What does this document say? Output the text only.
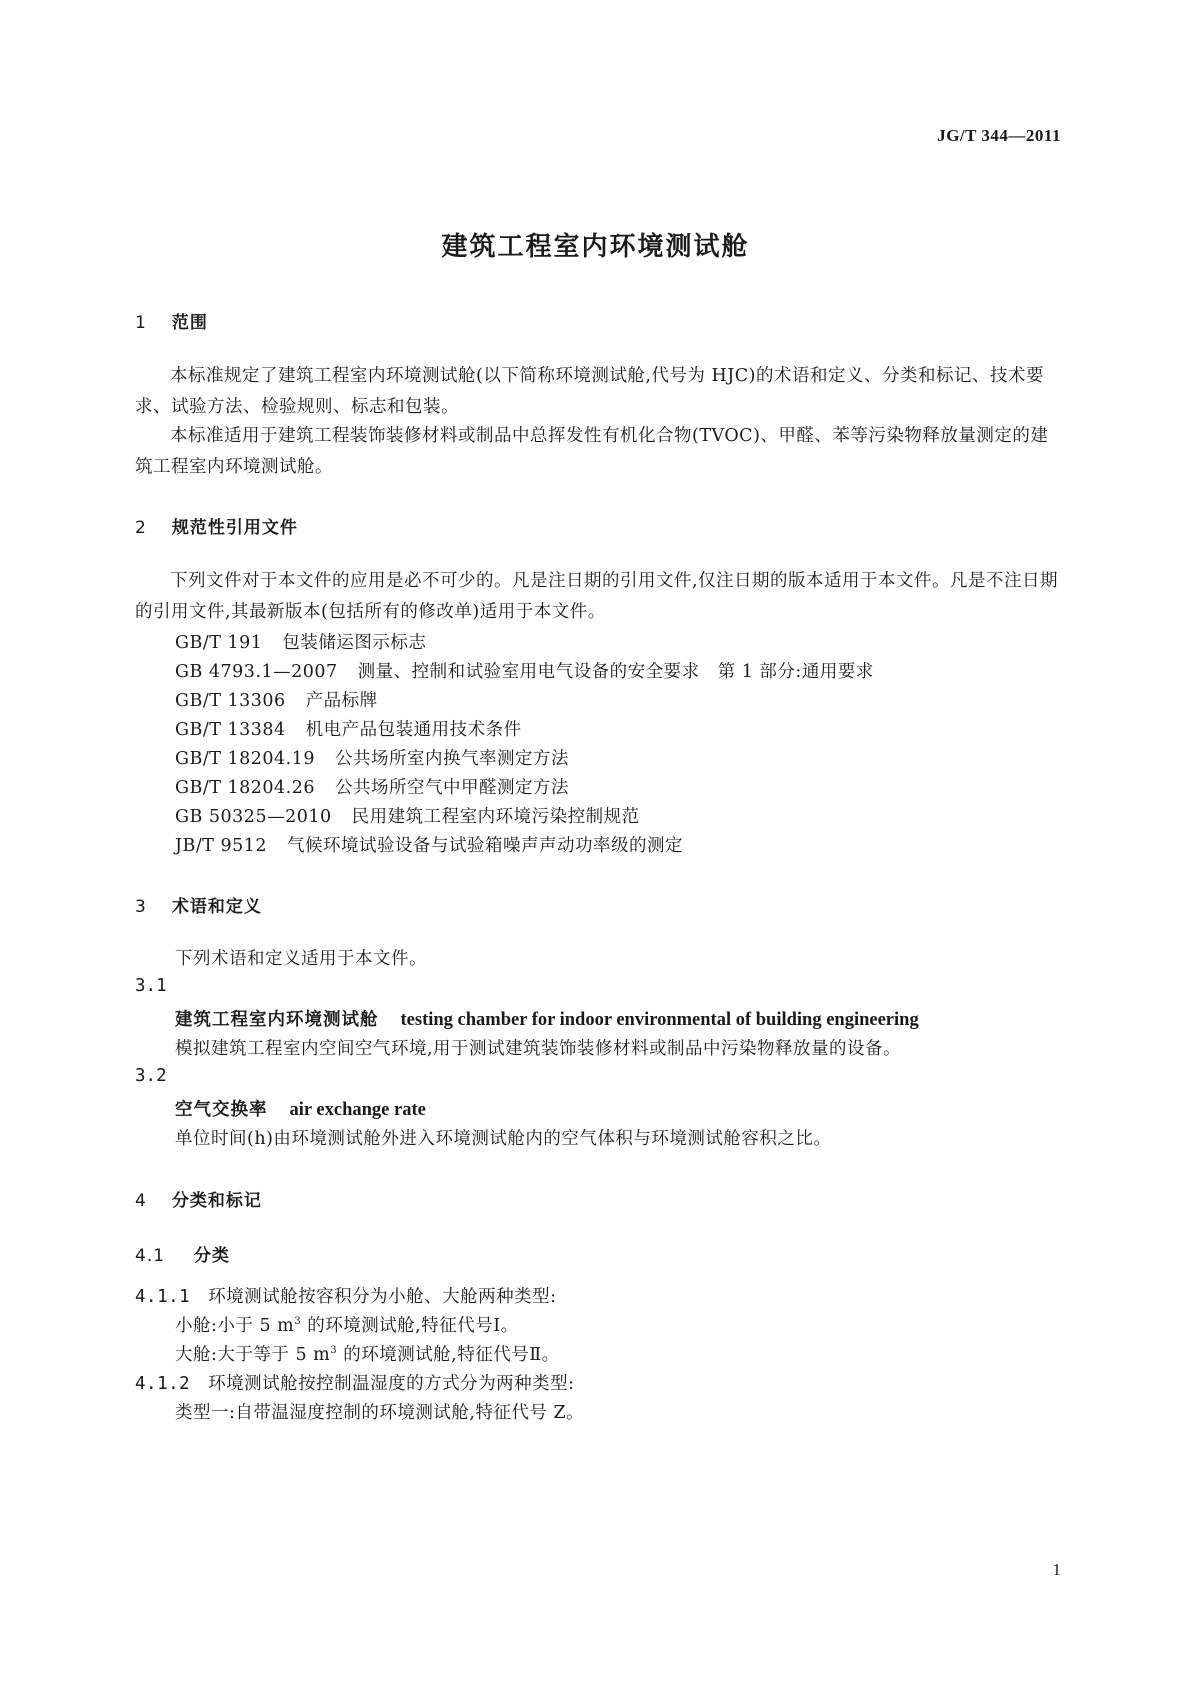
JG/T 344—2011
建筑工程室内环境测试舱
1 范围
本标准规定了建筑工程室内环境测试舱(以下简称环境测试舱,代号为 HJC)的术语和定义、分类和标记、技术要求、试验方法、检验规则、标志和包装。
本标准适用于建筑工程装饰装修材料或制品中总挥发性有机化合物(TVOC)、甲醛、苯等污染物释放量测定的建筑工程室内环境测试舱。
2 规范性引用文件
下列文件对于本文件的应用是必不可少的。凡是注日期的引用文件,仅注日期的版本适用于本文件。凡是不注日期的引用文件,其最新版本(包括所有的修改单)适用于本文件。
GB/T 191 包装储运图示标志
GB 4793.1—2007 测量、控制和试验室用电气设备的安全要求　第 1 部分:通用要求
GB/T 13306 产品标牌
GB/T 13384 机电产品包装通用技术条件
GB/T 18204.19 公共场所室内换气率测定方法
GB/T 18204.26 公共场所空气中甲醛测定方法
GB 50325—2010 民用建筑工程室内环境污染控制规范
JB/T 9512 气候环境试验设备与试验箱噪声声动功率级的测定
3 术语和定义
下列术语和定义适用于本文件。
3.1
建筑工程室内环境测试舱 testing chamber for indoor environmental of building engineering
模拟建筑工程室内空间空气环境,用于测试建筑装饰装修材料或制品中污染物释放量的设备。
3.2
空气交换率 air exchange rate
单位时间(h)由环境测试舱外进入环境测试舱内的空气体积与环境测试舱容积之比。
4 分类和标记
4.1 分类
4.1.1 环境测试舱按容积分为小舱、大舱两种类型:
小舱:小于 5 $m^3$ 的环境测试舱,特征代号Ⅰ。
大舱:大于等于 5 $m^3$ 的环境测试舱,特征代号Ⅱ。
4.1.2 环境测试舱按控制温湿度的方式分为两种类型:
类型一:自带温湿度控制的环境测试舱,特征代号 Z。
1
